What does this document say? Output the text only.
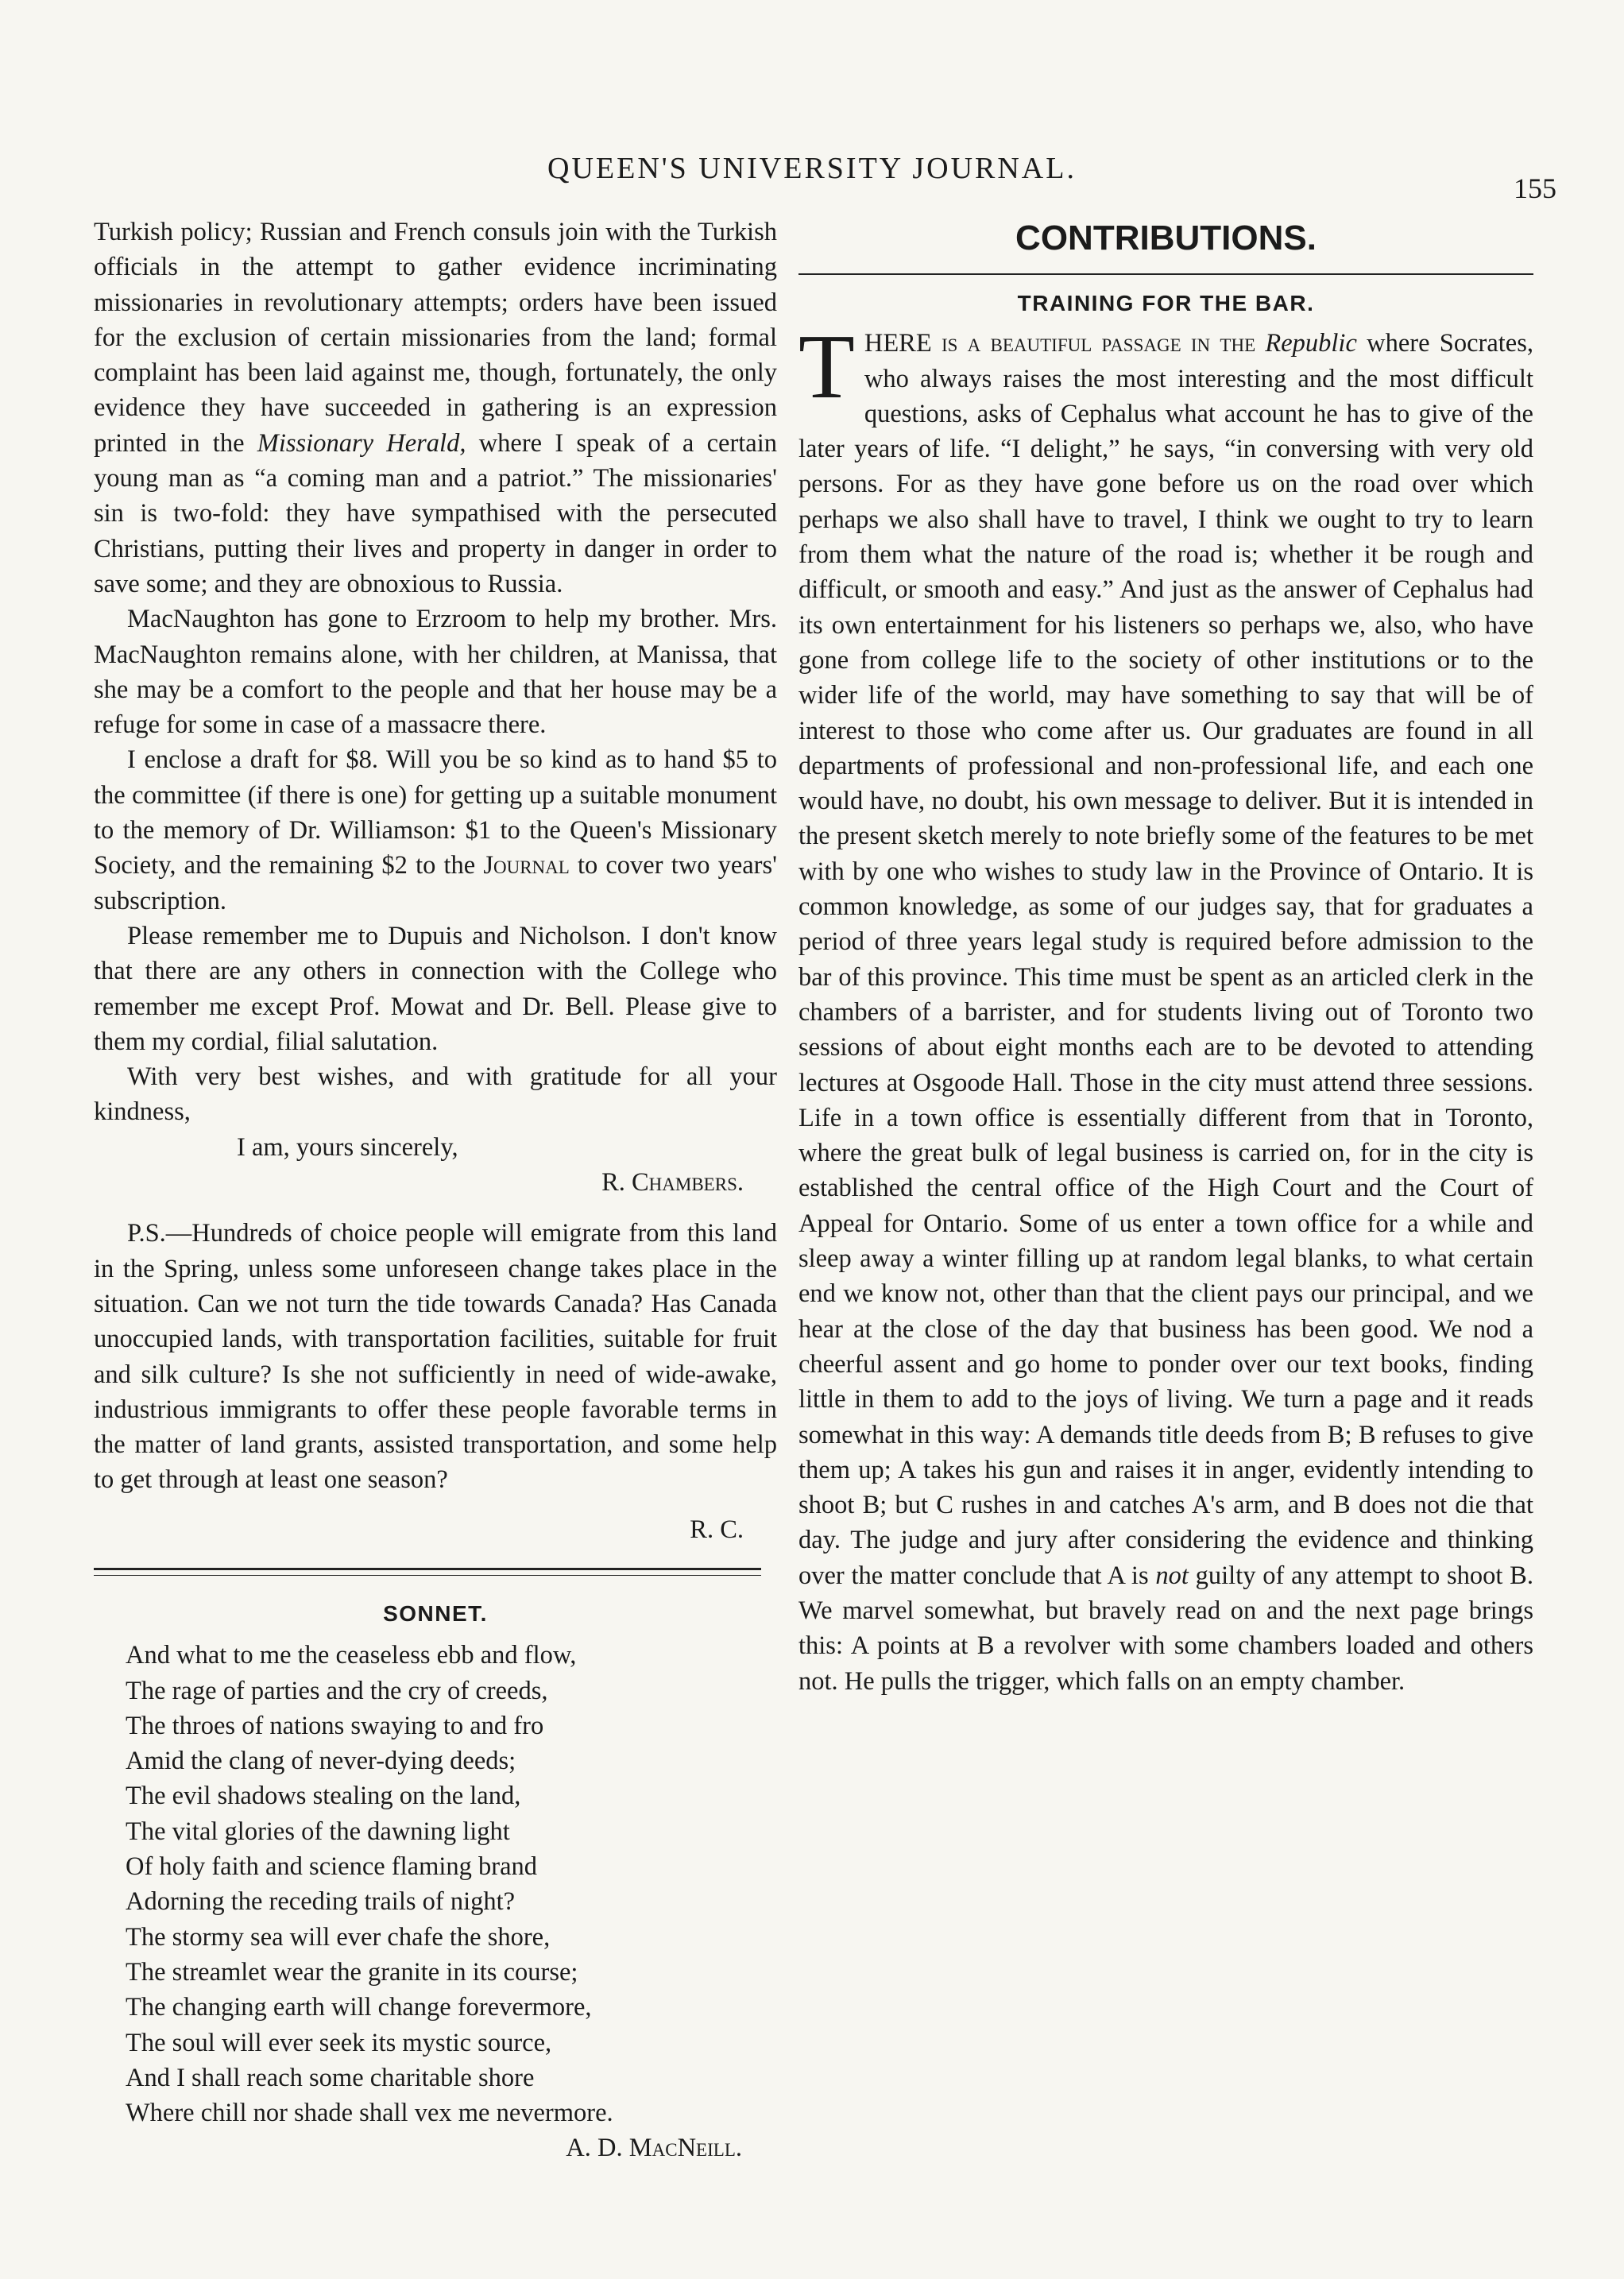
QUEEN'S UNIVERSITY JOURNAL.
155

Turkish policy; Russian and French consuls join with the Turkish officials in the attempt to gather evidence incriminating missionaries in revolutionary attempts; orders have been issued for the exclusion of certain missionaries from the land; formal complaint has been laid against me, though, fortunately, the only evidence they have succeeded in gathering is an expression printed in the Missionary Herald, where I speak of a certain young man as “a coming man and a patriot.” The missionaries' sin is two-fold: they have sympathised with the persecuted Christians, putting their lives and property in danger in order to save some; and they are obnoxious to Russia.

MacNaughton has gone to Erzroom to help my brother. Mrs. MacNaughton remains alone, with her children, at Manissa, that she may be a comfort to the people and that her house may be a refuge for some in case of a massacre there.

I enclose a draft for $8. Will you be so kind as to hand $5 to the committee (if there is one) for getting up a suitable monument to the memory of Dr. Williamson: $1 to the Queen's Missionary Society, and the remaining $2 to the Journal to cover two years' subscription.

Please remember me to Dupuis and Nicholson. I don't know that there are any others in connection with the College who remember me except Prof. Mowat and Dr. Bell. Please give to them my cordial, filial salutation.

With very best wishes, and with gratitude for all your kindness,

I am, yours sincerely,

R. Chambers.

P.S.—Hundreds of choice people will emigrate from this land in the Spring, unless some unforeseen change takes place in the situation. Can we not turn the tide towards Canada? Has Canada unoccupied lands, with transportation facilities, suitable for fruit and silk culture? Is she not sufficiently in need of wide-awake, industrious immigrants to offer these people favorable terms in the matter of land grants, assisted transportation, and some help to get through at least one season?

R. C.

SONNET.
And what to me the ceaseless ebb and flow,
The rage of parties and the cry of creeds,
The throes of nations swaying to and fro
Amid the clang of never-dying deeds;
The evil shadows stealing on the land,
The vital glories of the dawning light
Of holy faith and science flaming brand
Adorning the receding trails of night?
The stormy sea will ever chafe the shore,
The streamlet wear the granite in its course;
The changing earth will change forevermore,
The soul will ever seek its mystic source,
And I shall reach some charitable shore
Where chill nor shade shall vex me nevermore.

A. D. MacNeill.

CONTRIBUTIONS.
TRAINING FOR THE BAR.

THERE is a beautiful passage in the Republic where Socrates, who always raises the most interesting and the most difficult questions, asks of Cephalus what account he has to give of the later years of life. “I delight,” he says, “in conversing with very old persons. For as they have gone before us on the road over which perhaps we also shall have to travel, I think we ought to try to learn from them what the nature of the road is; whether it be rough and difficult, or smooth and easy.” And just as the answer of Cephalus had its own entertainment for his listeners so perhaps we, also, who have gone from college life to the society of other institutions or to the wider life of the world, may have something to say that will be of interest to those who come after us. Our graduates are found in all departments of professional and non-professional life, and each one would have, no doubt, his own message to deliver. But it is intended in the present sketch merely to note briefly some of the features to be met with by one who wishes to study law in the Province of Ontario. It is common knowledge, as some of our judges say, that for graduates a period of three years legal study is required before admission to the bar of this province. This time must be spent as an articled clerk in the chambers of a barrister, and for students living out of Toronto two sessions of about eight months each are to be devoted to attending lectures at Osgoode Hall. Those in the city must attend three sessions. Life in a town office is essentially different from that in Toronto, where the great bulk of legal business is carried on, for in the city is established the central office of the High Court and the Court of Appeal for Ontario. Some of us enter a town office for a while and sleep away a winter filling up at random legal blanks, to what certain end we know not, other than that the client pays our principal, and we hear at the close of the day that business has been good. We nod a cheerful assent and go home to ponder over our text books, finding little in them to add to the joys of living. We turn a page and it reads somewhat in this way: A demands title deeds from B; B refuses to give them up; A takes his gun and raises it in anger, evidently intending to shoot B; but C rushes in and catches A's arm, and B does not die that day. The judge and jury after considering the evidence and thinking over the matter conclude that A is not guilty of any attempt to shoot B. We marvel somewhat, but bravely read on and the next page brings this: A points at B a revolver with some chambers loaded and others not. He pulls the trigger, which falls on an empty chamber.
